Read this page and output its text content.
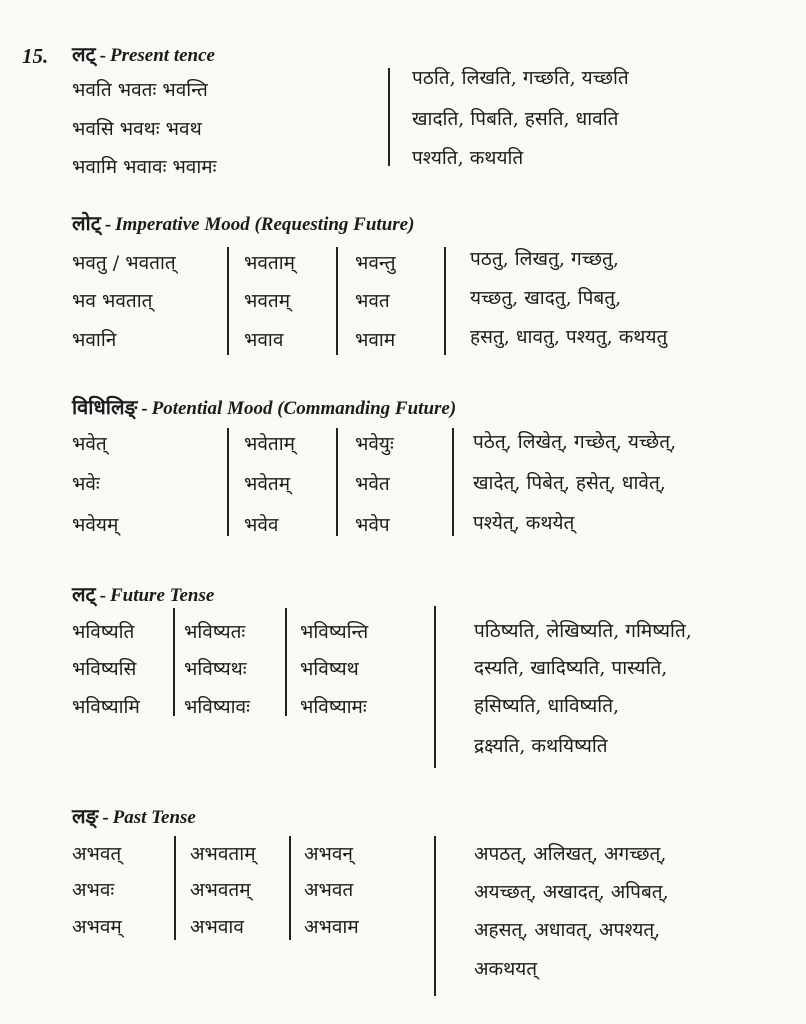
15. लट् - Present tence
भवति भवतः भवन्ति
भवसि भवथः भवथ
भवामि भवावः भवामः
पठति, लिखति, गच्छति, यच्छति
खादति, पिबति, हसति, धावति
पश्यति, कथयति
लोट् - Imperative Mood (Requesting Future)
भवतु / भवतात्
भव भवतात्
भवानि
भवताम्
भवतम्
भवाव
भवन्तु
भवत
भवाम
पठतु, लिखतु, गच्छतु,
यच्छतु, खादतु, पिबतु,
हसतु, धावतु, पश्यतु, कथयतु
विधिलिङ् - Potential Mood (Commanding Future)
भवेत्
भवेः
भवेयम्
भवेताम्
भवेतम्
भवेव
भवेयुः
भवेत
भवेप
पठेत्, लिखेत्, गच्छेत्, यच्छेत्,
खादेत्, पिबेत्, हसेत्, धावेत्,
पश्येत्, कथयेत्
लट् - Future Tense
भविष्यति
भविष्यसि
भविष्यामि
भविष्यतः
भविष्यथः
भविष्यावः
भविष्यन्ति
भविष्यथ
भविष्यामः
पठिष्यति, लेखिष्यति, गमिष्यति,
दस्यति, खादिष्यति, पास्यति,
हसिष्यति, धाविष्यति,
द्रक्ष्यति, कथयिष्यति
लङ् - Past Tense
अभवत्
अभवः
अभवम्
अभवताम्
अभवतम्
अभवाव
अभवन्
अभवत
अभवाम
अपठत्, अलिखत्, अगच्छत्,
अयच्छत्, अखादत्, अपिबत्,
अहसत्, अधावत्, अपश्यत्,
अकथयत्
